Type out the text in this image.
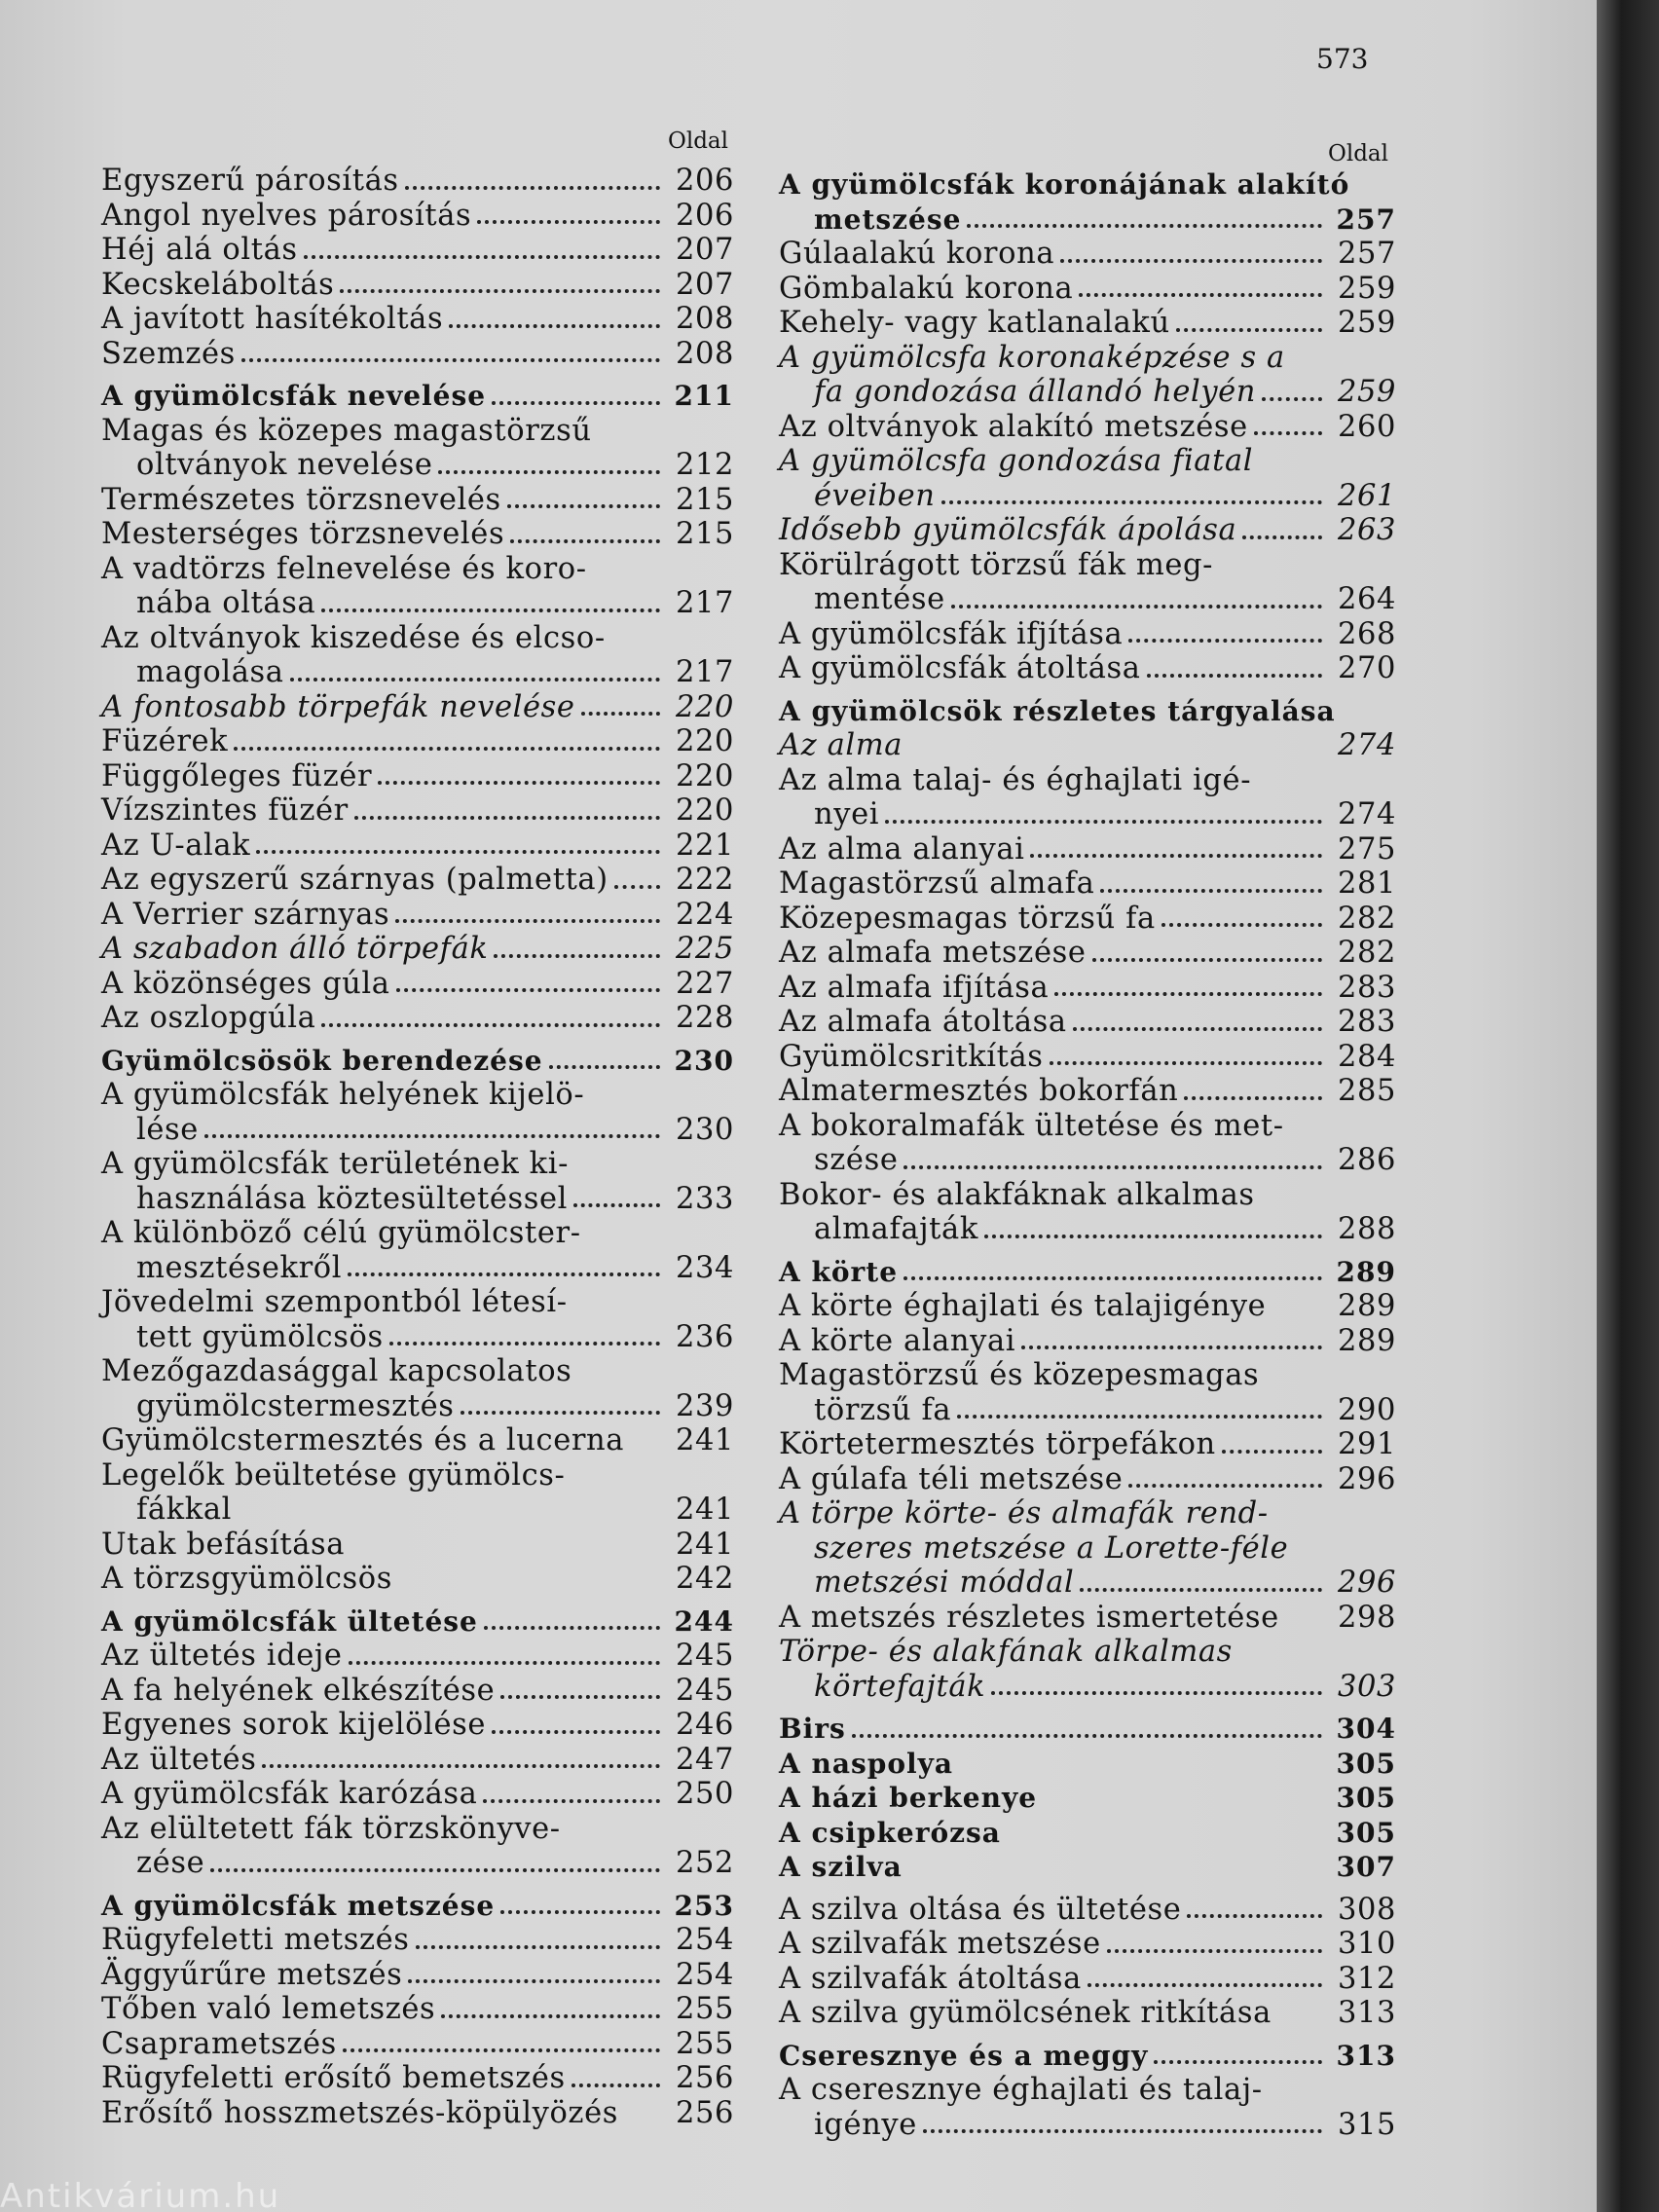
573
Oldal	Oldal
Egyszerű párosítás	206
Angol nyelves párosítás	206
Héj alá oltás	207
Kecskeláboltás	207
A javított hasítékoltás	208
Szemzés	208
A gyümölcsfák nevelése	211
Magas és közepes magastörzsű
oltványok nevelése	212
Természetes törzsnevelés	215
Mesterséges törzsnevelés	215
A vadtörzs felnevelése és koro-
nába oltása	217
Az oltványok kiszedése és elcso-
magolása	217
A fontosabb törpefák nevelése	220
Füzérek	220
Függőleges füzér	220
Vízszintes füzér	220
Az U-alak	221
Az egyszerű szárnyas (palmetta)	222
A Verrier szárnyas	224
A szabadon álló törpefák	225
A közönséges gúla	227
Az oszlopgúla	228
Gyümölcsösök berendezése	230
A gyümölcsfák helyének kijelö-
lése	230
A gyümölcsfák területének ki-
használása köztesültetéssel	233
A különböző célú gyümölcster-
mesztésekről	234
Jövedelmi szempontból létesí-
tett gyümölcsös	236
Mezőgazdasággal kapcsolatos
gyümölcstermesztés	239
Gyümölcstermesztés és a lucerna	241
Legelők beültetése gyümölcs-
fákkal	241
Utak befásítása	241
A törzsgyümölcsös	242
A gyümölcsfák ültetése	244
Az ültetés ideje	245
A fa helyének elkészítése	245
Egyenes sorok kijelölése	246
Az ültetés	247
A gyümölcsfák karózása	250
Az elültetett fák törzskönyve-
zése	252
A gyümölcsfák metszése	253
Rügyfeletti metszés	254
Äggyűrűre metszés	254
Tőben való lemetszés	255
Csaprametszés	255
Rügyfeletti erősítő bemetszés	256
Erősítő hosszmetszés-köpülyözés	256
A gyümölcsfák koronájának alakító
metszése	257
Gúlaalakú korona	257
Gömbalakú korona	259
Kehely- vagy katlanalakú	259
A gyümölcsfa koronaképzése s a
fa gondozása állandó helyén	259
Az oltványok alakító metszése	260
A gyümölcsfa gondozása fiatal
éveiben	261
Idősebb gyümölcsfák ápolása	263
Körülrágott törzsű fák meg-
mentése	264
A gyümölcsfák ifjítása	268
A gyümölcsfák átoltása	270
A gyümölcsök részletes tárgyalása
Az alma	274
Az alma talaj- és éghajlati igé-
nyei	274
Az alma alanyai	275
Magastörzsű almafa	281
Közepesmagas törzsű fa	282
Az almafa metszése	282
Az almafa ifjítása	283
Az almafa átoltása	283
Gyümölcsritkítás	284
Almatermesztés bokorfán	285
A bokoralmafák ültetése és met-
szése	286
Bokor- és alakfáknak alkalmas
almafajták	288
A körte	289
A körte éghajlati és talajigénye	289
A körte alanyai	289
Magastörzsű és közepesmagas
törzsű fa	290
Körtetermesztés törpefákon	291
A gúlafa téli metszése	296
A törpe körte- és almafák rend-
szeres metszése a Lorette-féle
metszési móddal	296
A metszés részletes ismertetése	298
Törpe- és alakfának alkalmas
körtefajták	303
Birs	304
A naspolya	305
A házi berkenye	305
A csipkerózsa	305
A szilva	307
A szilva oltása és ültetése	308
A szilvafák metszése	310
A szilvafák átoltása	312
A szilva gyümölcsének ritkítása	313
Cseresznye és a meggy	313
A cseresznye éghajlati és talaj-
igénye	315
Antikvárium.hu
